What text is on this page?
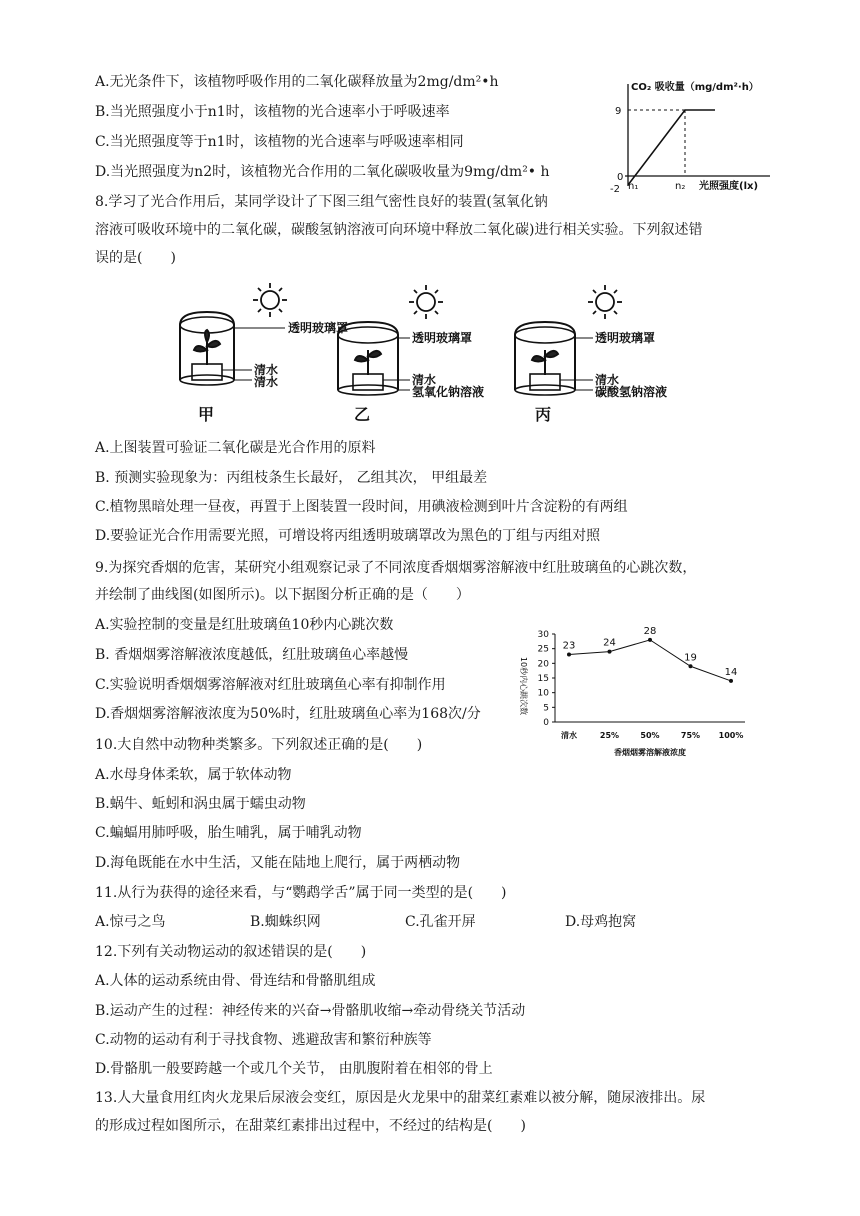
A.无光条件下，该植物呼吸作用的二氧化碳释放量为2mg/dm²•h
B.当光照强度小于n1时，该植物的光合速率小于呼吸速率
C.当光照强度等于n1时，该植物的光合速率与呼吸速率相同
D.当光照强度为n2时，该植物光合作用的二氧化碳吸收量为9mg/dm²• h
CO₂ 吸收量（mg/dm²·h）
光照强度(lx)
9
0
-2 n₁	n₂
8.学习了光合作用后，某同学设计了下图三组气密性良好的装置(氢氧化钠
溶液可吸收环境中的二氧化碳，碳酸氢钠溶液可向环境中释放二氧化碳)进行相关实验。下列叙述错
误的是(　　)
透明玻璃罩
清水
清水
甲
透明玻璃罩
清水
氢氧化钠溶液
乙
透明玻璃罩
清水
碳酸氢钠溶液
丙
A.上图装置可验证二氧化碳是光合作用的原料
B. 预测实验现象为：丙组枝条生长最好， 乙组其次， 甲组最差
C.植物黑暗处理一昼夜，再置于上图装置一段时间，用碘液检测到叶片含淀粉的有两组
D.要验证光合作用需要光照，可增设将丙组透明玻璃罩改为黑色的丁组与丙组对照
9.为探究香烟的危害，某研究小组观察记录了不同浓度香烟烟雾溶解液中红肚玻璃鱼的心跳次数，
并绘制了曲线图(如图所示)。以下据图分析正确的是（　　）
A.实验控制的变量是红肚玻璃鱼10秒内心跳次数
B. 香烟烟雾溶解液浓度越低，红肚玻璃鱼心率越慢
C.实验说明香烟烟雾溶解液对红肚玻璃鱼心率有抑制作用
D.香烟烟雾溶解液浓度为50%时，红肚玻璃鱼心率为168次/分	10秒内心跳次数
30
25
20
15
10
5
0
清水	25%	50%	75% 100%
23	24
28
19
14
香烟烟雾溶解液浓度
10.大自然中动物种类繁多。下列叙述正确的是(　　)
A.水母身体柔软，属于软体动物
B.蜗牛、蚯蚓和涡虫属于蠕虫动物
C.蝙蝠用肺呼吸，胎生哺乳，属于哺乳动物
D.海龟既能在水中生活，又能在陆地上爬行，属于两栖动物
11.从行为获得的途径来看，与“鹦鹉学舌”属于同一类型的是(　　)
A.惊弓之鸟	B.蜘蛛织网	C.孔雀开屏	D.母鸡抱窝
12.下列有关动物运动的叙述错误的是(　　)
A.人体的运动系统由骨、骨连结和骨骼肌组成
B.运动产生的过程：神经传来的兴奋→骨骼肌收缩→牵动骨绕关节活动
C.动物的运动有利于寻找食物、逃避敌害和繁衍种族等
D.骨骼肌一般要跨越一个或几个关节， 由肌腹附着在相邻的骨上
13.人大量食用红肉火龙果后尿液会变红，原因是火龙果中的甜菜红素难以被分解，随尿液排出。尿
的形成过程如图所示，在甜菜红素排出过程中，不经过的结构是(　　)
